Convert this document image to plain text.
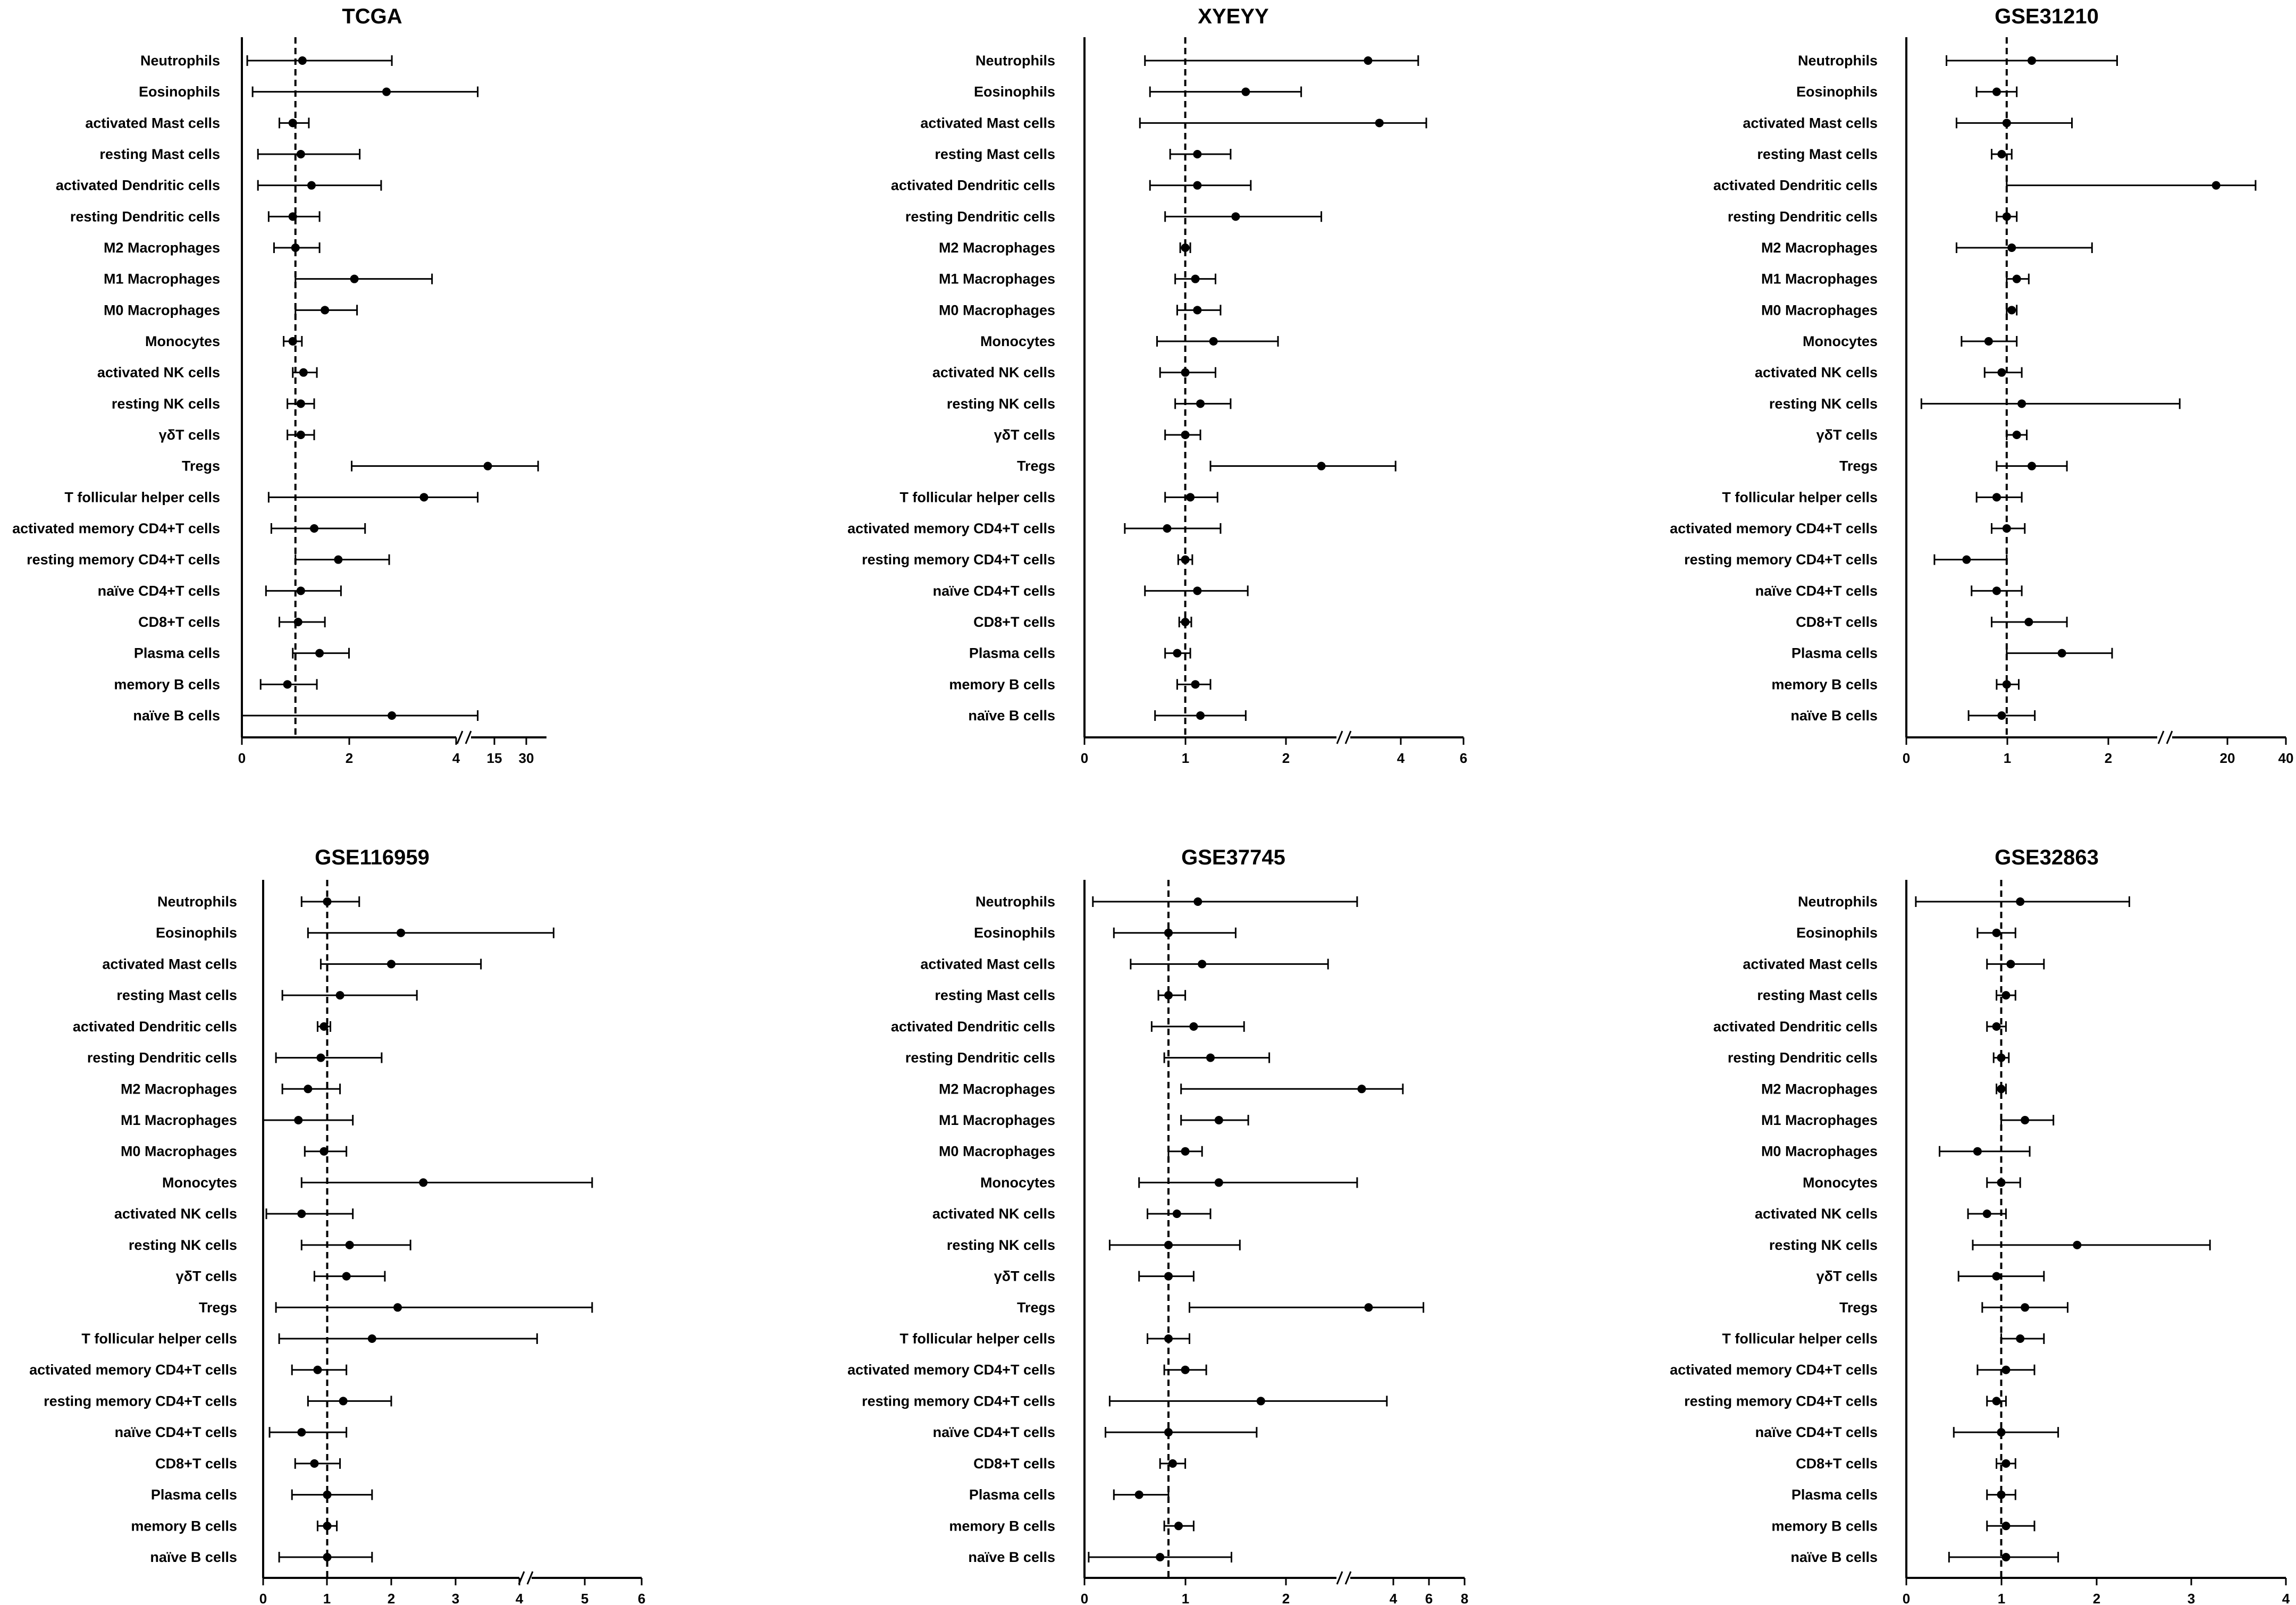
TCGA
0	2	4 15 30
Neutrophils
Eosinophils
activated Mast cells
resting Mast cells
activated Dendritic cells
resting Dendritic cells
M2 Macrophages
M1 Macrophages
M0 Macrophages
Monocytes
activated NK cells
resting NK cells
γδT cells
Tregs
T follicular helper cells
activated memory CD4+T cells
resting memory CD4+T cells
naïve CD4+T cells
CD8+T cells
Plasma cells
memory B cells
naïve B cells
XYEYY
0	1	2	4	6
Neutrophils
Eosinophils
activated Mast cells
resting Mast cells
activated Dendritic cells
resting Dendritic cells
M2 Macrophages
M1 Macrophages
M0 Macrophages
Monocytes
activated NK cells
resting NK cells
γδT cells
Tregs
T follicular helper cells
activated memory CD4+T cells
resting memory CD4+T cells
naïve CD4+T cells
CD8+T cells
Plasma cells
memory B cells
naïve B cells
GSE31210
0	1	2	20	40
Neutrophils
Eosinophils
activated Mast cells
resting Mast cells
activated Dendritic cells
resting Dendritic cells
M2 Macrophages
M1 Macrophages
M0 Macrophages
Monocytes
activated NK cells
resting NK cells
γδT cells
Tregs
T follicular helper cells
activated memory CD4+T cells
resting memory CD4+T cells
naïve CD4+T cells
CD8+T cells
Plasma cells
memory B cells
naïve B cells
GSE116959
0	1	2	3	4	5	6
Neutrophils
Eosinophils
activated Mast cells
resting Mast cells
activated Dendritic cells
resting Dendritic cells
M2 Macrophages
M1 Macrophages
M0 Macrophages
Monocytes
activated NK cells
resting NK cells
γδT cells
Tregs
T follicular helper cells
activated memory CD4+T cells
resting memory CD4+T cells
naïve CD4+T cells
CD8+T cells
Plasma cells
memory B cells
naïve B cells
GSE37745
0	1	2	4 6 8
Neutrophils
Eosinophils
activated Mast cells
resting Mast cells
activated Dendritic cells
resting Dendritic cells
M2 Macrophages
M1 Macrophages
M0 Macrophages
Monocytes
activated NK cells
resting NK cells
γδT cells
Tregs
T follicular helper cells
activated memory CD4+T cells
resting memory CD4+T cells
naïve CD4+T cells
CD8+T cells
Plasma cells
memory B cells
naïve B cells
GSE32863
0	1	2	3	4
Neutrophils
Eosinophils
activated Mast cells
resting Mast cells
activated Dendritic cells
resting Dendritic cells
M2 Macrophages
M1 Macrophages
M0 Macrophages
Monocytes
activated NK cells
resting NK cells
γδT cells
Tregs
T follicular helper cells
activated memory CD4+T cells
resting memory CD4+T cells
naïve CD4+T cells
CD8+T cells
Plasma cells
memory B cells
naïve B cells
